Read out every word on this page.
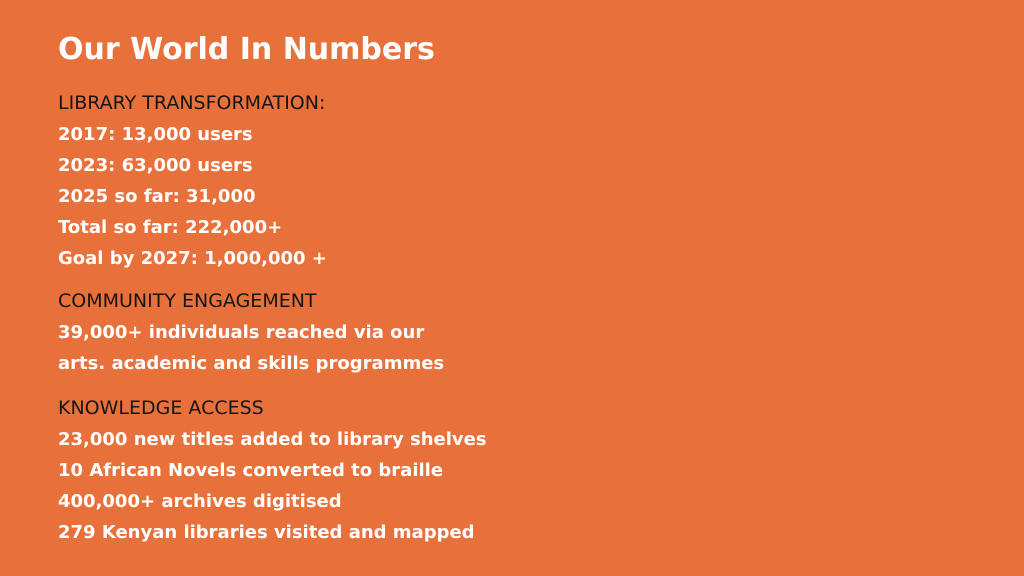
Our World In Numbers
LIBRARY TRANSFORMATION:
2017: 13,000 users
2023: 63,000 users
2025 so far: 31,000
Total so far: 222,000+
Goal by 2027: 1,000,000 +
COMMUNITY ENGAGEMENT
39,000+ individuals reached via our
arts. academic and skills programmes
KNOWLEDGE ACCESS
23,000 new titles added to library shelves
10 African Novels converted to braille
400,000+ archives digitised
279 Kenyan libraries visited and mapped
